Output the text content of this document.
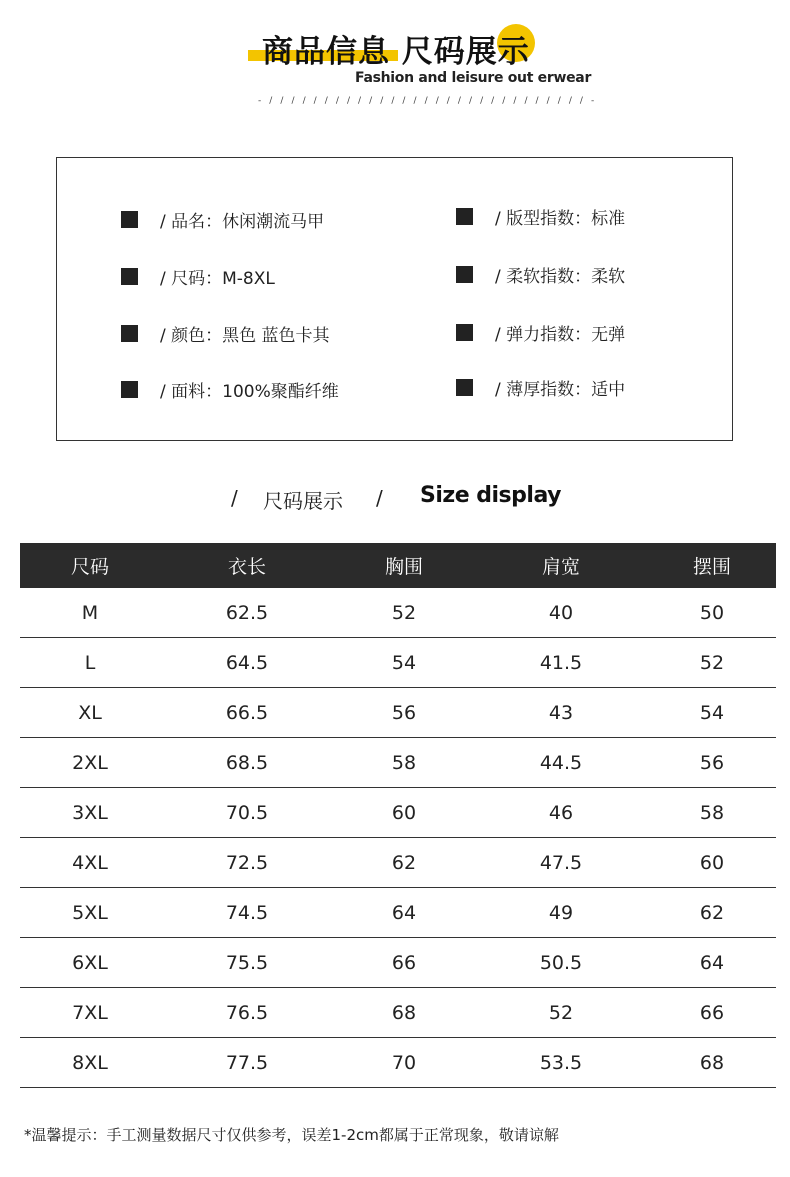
商品信息 尺码展示
Fashion and leisure out erwear
- / / / / / / / / / / / / / / / / / / / / / / / / / / / / / -
/ 品名：休闲潮流马甲
/ 尺码：M-8XL
/ 颜色：黑色 蓝色卡其
/ 面料：100%聚酯纤维
/ 版型指数：标准
/ 柔软指数：柔软
/ 弹力指数：无弹
/ 薄厚指数：适中
/ 尺码展示 / Size display
尺码	衣长	胸围	肩宽	摆围
M	62.5	52	40	50
L	64.5	54	41.5	52
XL	66.5	56	43	54
2XL	68.5	58	44.5	56
3XL	70.5	60	46	58
4XL	72.5	62	47.5	60
5XL	74.5	64	49	62
6XL	75.5	66	50.5	64
7XL	76.5	68	52	66
8XL	77.5	70	53.5	68
*温馨提示：手工测量数据尺寸仅供参考，误差1-2cm都属于正常现象，敬请谅解
